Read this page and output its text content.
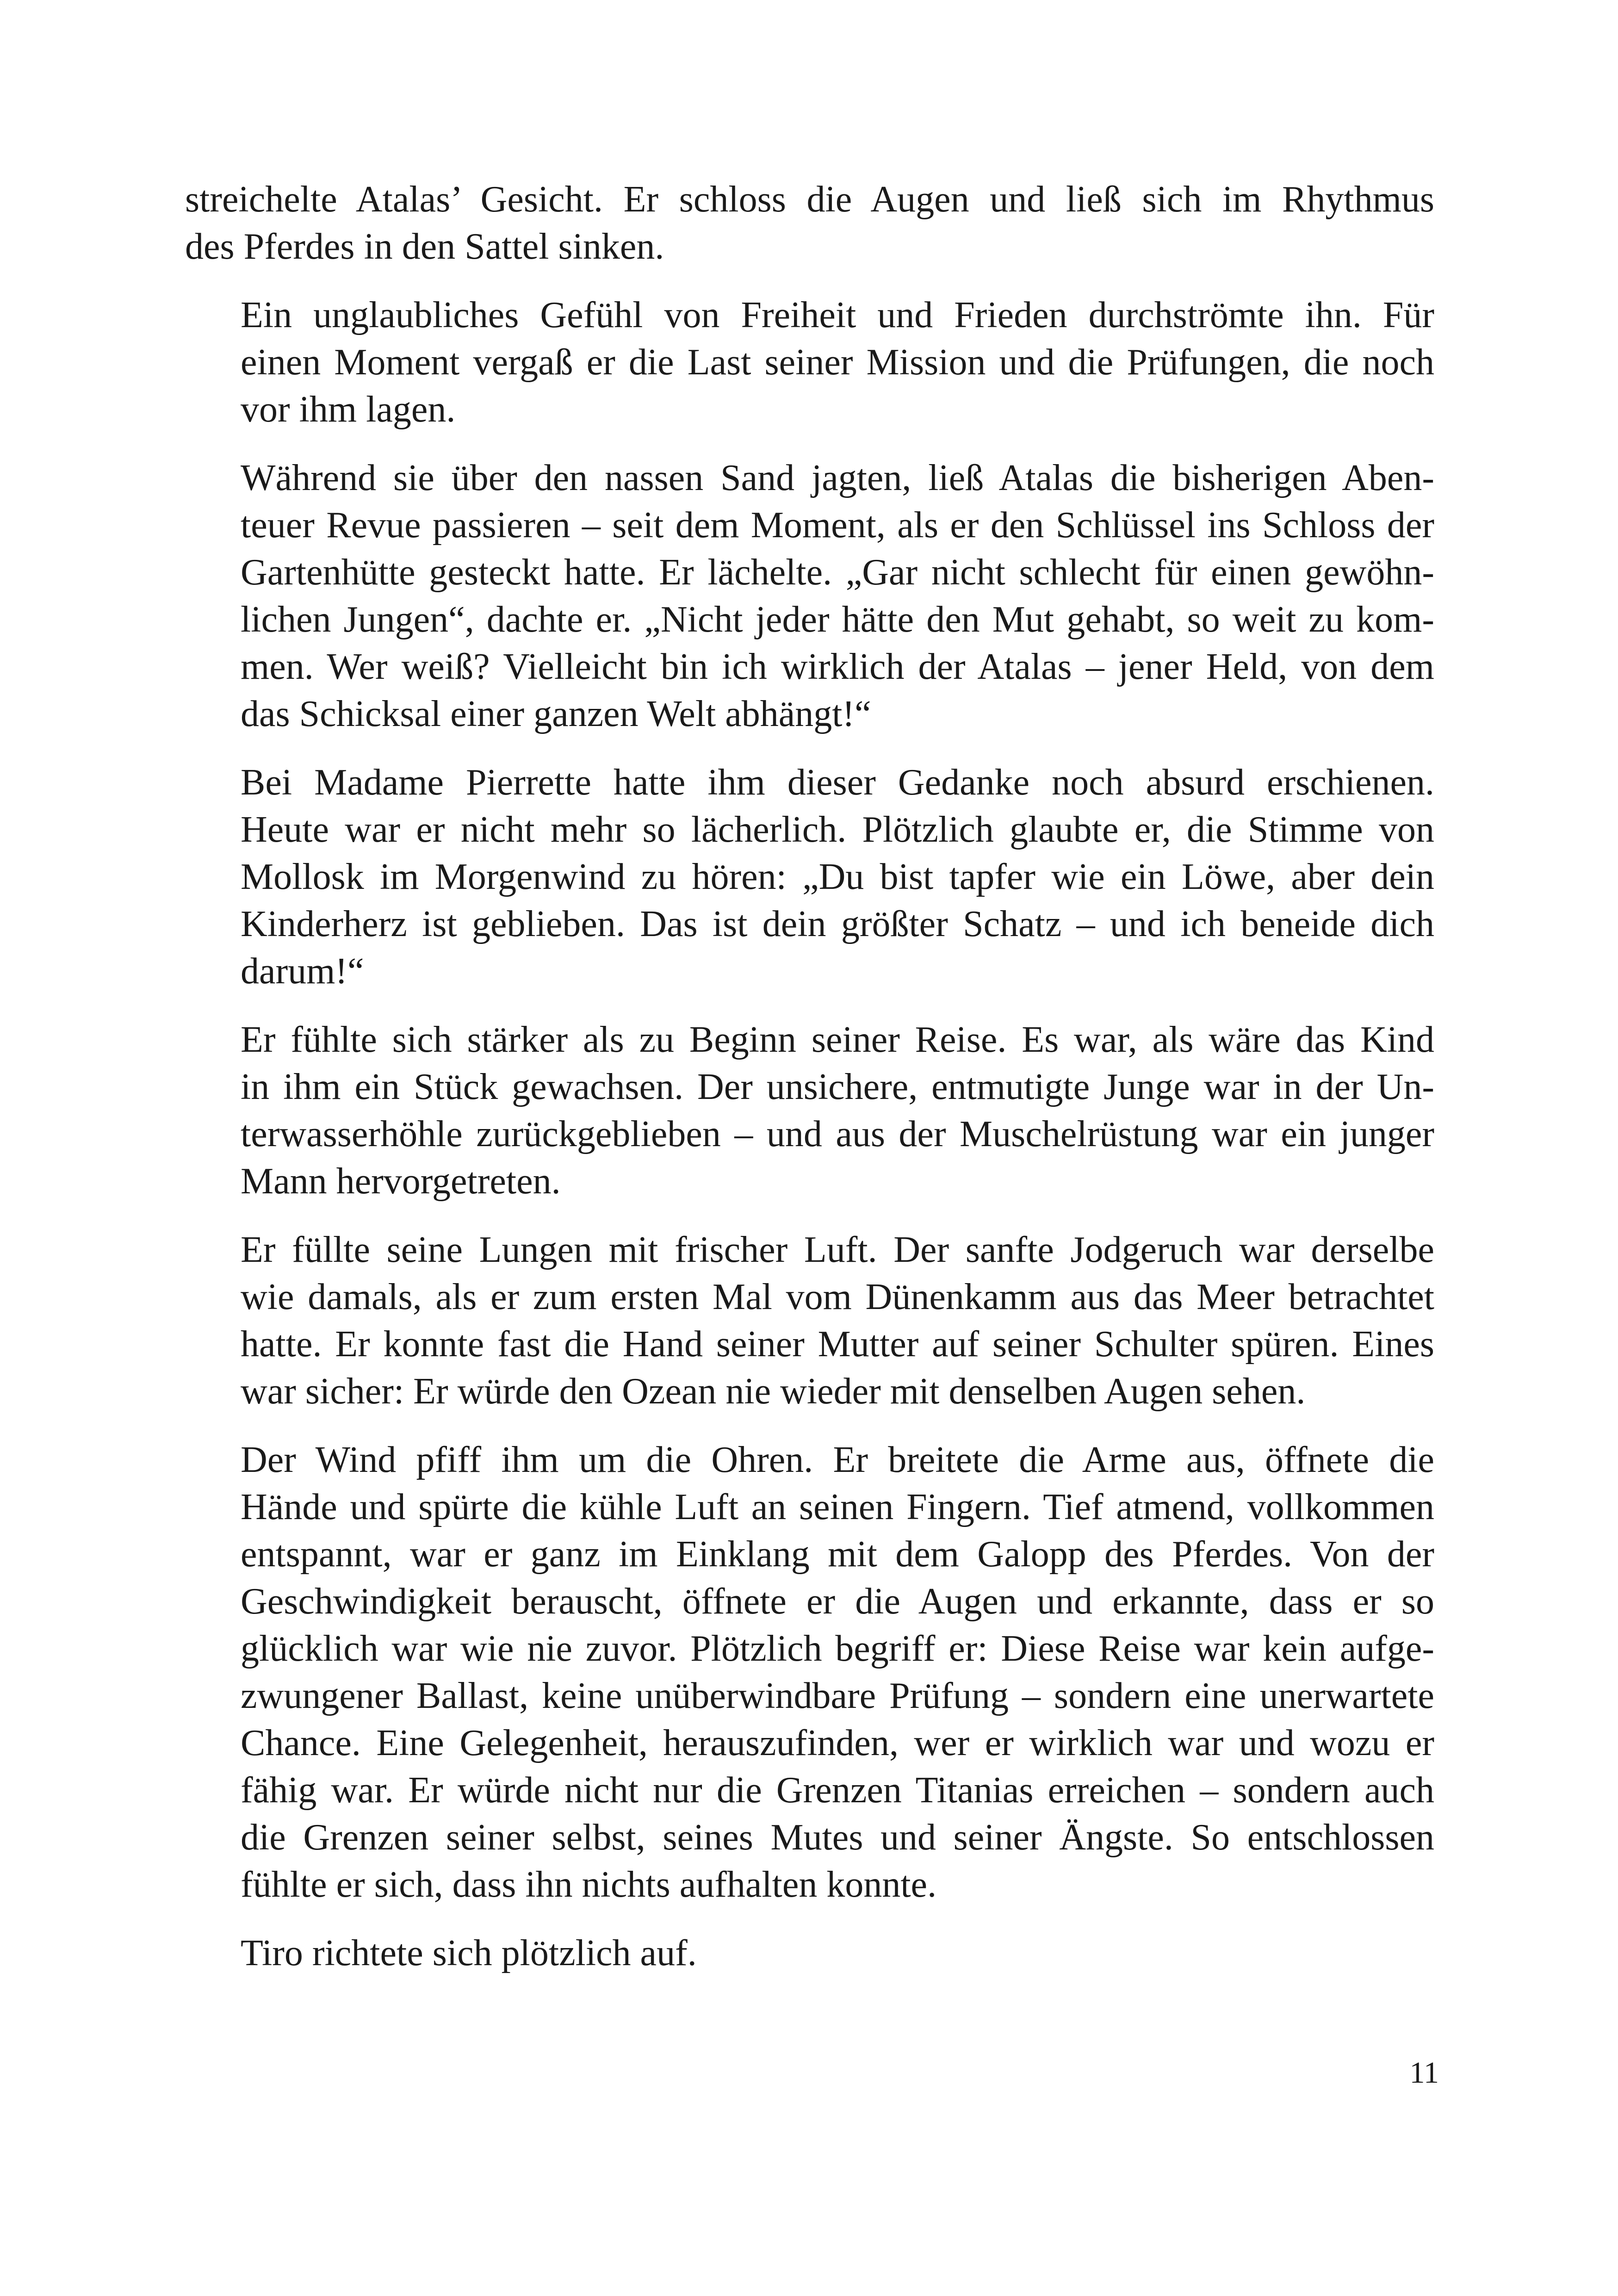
streichelte Atalas’ Gesicht. Er schloss die Augen und ließ sich im Rhythmus
des Pferdes in den Sattel sinken.
Ein unglaubliches Gefühl von Freiheit und Frieden durchströmte ihn. Für
einen Moment vergaß er die Last seiner Mission und die Prüfungen, die noch
vor ihm lagen.
Während sie über den nassen Sand jagten, ließ Atalas die bisherigen Aben-
teuer Revue passieren – seit dem Moment, als er den Schlüssel ins Schloss der
Gartenhütte gesteckt hatte. Er lächelte. „Gar nicht schlecht für einen gewöhn-
lichen Jungen“, dachte er. „Nicht jeder hätte den Mut gehabt, so weit zu kom-
men. Wer weiß? Vielleicht bin ich wirklich der Atalas – jener Held, von dem
das Schicksal einer ganzen Welt abhängt!“
Bei Madame Pierrette hatte ihm dieser Gedanke noch absurd erschienen.
Heute war er nicht mehr so lächerlich. Plötzlich glaubte er, die Stimme von
Mollosk im Morgenwind zu hören: „Du bist tapfer wie ein Löwe, aber dein
Kinderherz ist geblieben. Das ist dein größter Schatz – und ich beneide dich
darum!“
Er fühlte sich stärker als zu Beginn seiner Reise. Es war, als wäre das Kind
in ihm ein Stück gewachsen. Der unsichere, entmutigte Junge war in der Un-
terwasserhöhle zurückgeblieben – und aus der Muschelrüstung war ein junger
Mann hervorgetreten.
Er füllte seine Lungen mit frischer Luft. Der sanfte Jodgeruch war derselbe
wie damals, als er zum ersten Mal vom Dünenkamm aus das Meer betrachtet
hatte. Er konnte fast die Hand seiner Mutter auf seiner Schulter spüren. Eines
war sicher: Er würde den Ozean nie wieder mit denselben Augen sehen.
Der Wind pfiff ihm um die Ohren. Er breitete die Arme aus, öffnete die
Hände und spürte die kühle Luft an seinen Fingern. Tief atmend, vollkommen
entspannt, war er ganz im Einklang mit dem Galopp des Pferdes. Von der
Geschwindigkeit berauscht, öffnete er die Augen und erkannte, dass er so
glücklich war wie nie zuvor. Plötzlich begriff er: Diese Reise war kein aufge-
zwungener Ballast, keine unüberwindbare Prüfung – sondern eine unerwartete
Chance. Eine Gelegenheit, herauszufinden, wer er wirklich war und wozu er
fähig war. Er würde nicht nur die Grenzen Titanias erreichen – sondern auch
die Grenzen seiner selbst, seines Mutes und seiner Ängste. So entschlossen
fühlte er sich, dass ihn nichts aufhalten konnte.
Tiro richtete sich plötzlich auf.
11
